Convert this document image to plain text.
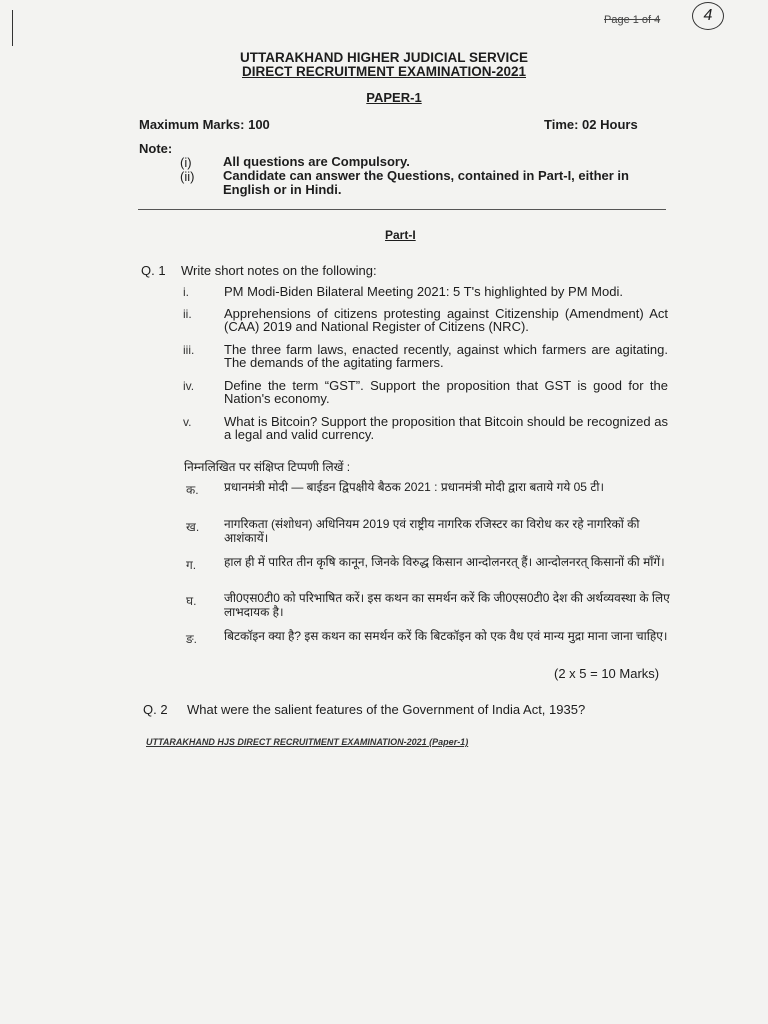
Page 1 of 4	4
UTTARAKHAND HIGHER JUDICIAL SERVICE
DIRECT RECRUITMENT EXAMINATION-2021
PAPER-1
Maximum Marks: 100	Time: 02 Hours
Note:
(i) All questions are Compulsory.
(ii) Candidate can answer the Questions, contained in Part-I, either in English or in Hindi.
Part-I
Q. 1 Write short notes on the following:
i.	PM Modi-Biden Bilateral Meeting 2021: 5 T's highlighted by PM Modi.
ii. Apprehensions of citizens protesting against Citizenship (Amendment) Act (CAA) 2019 and National Register of Citizens (NRC).
iii. The three farm laws, enacted recently, against which farmers are agitating. The demands of the agitating farmers.
iv. Define the term “GST”. Support the proposition that GST is good for the Nation's economy.
v.	What is Bitcoin? Support the proposition that Bitcoin should be recognized as a legal and valid currency.
निम्नलिखित पर संक्षिप्त टिप्पणी लिखें :
क. प्रधानमंत्री मोदी — बाईडन द्विपक्षीये बैठक 2021 : प्रधानमंत्री मोदी द्वारा बताये गये 05 टी।
ख. नागरिकता (संशोधन) अधिनियम 2019 एवं राष्ट्रीय नागरिक रजिस्टर का विरोध कर रहे नागरिकों की आशंकायें।
ग. हाल ही में पारित तीन कृषि कानून, जिनके विरुद्ध किसान आन्दोलनरत् हैं। आन्दोलनरत् किसानों की माँगें।
घ. जी0एस0टी0 को परिभाषित करें। इस कथन का समर्थन करें कि जी0एस0टी0 देश की अर्थव्यवस्था के लिए लाभदायक है।
ङ. बिटकॉइन क्या है? इस कथन का समर्थन करें कि बिटकॉइन को एक वैध एवं मान्य मुद्रा माना जाना चाहिए।
(2 x 5 = 10 Marks)
Q. 2 What were the salient features of the Government of India Act, 1935?
UTTARAKHAND HJS DIRECT RECRUITMENT EXAMINATION-2021 (Paper-1)
